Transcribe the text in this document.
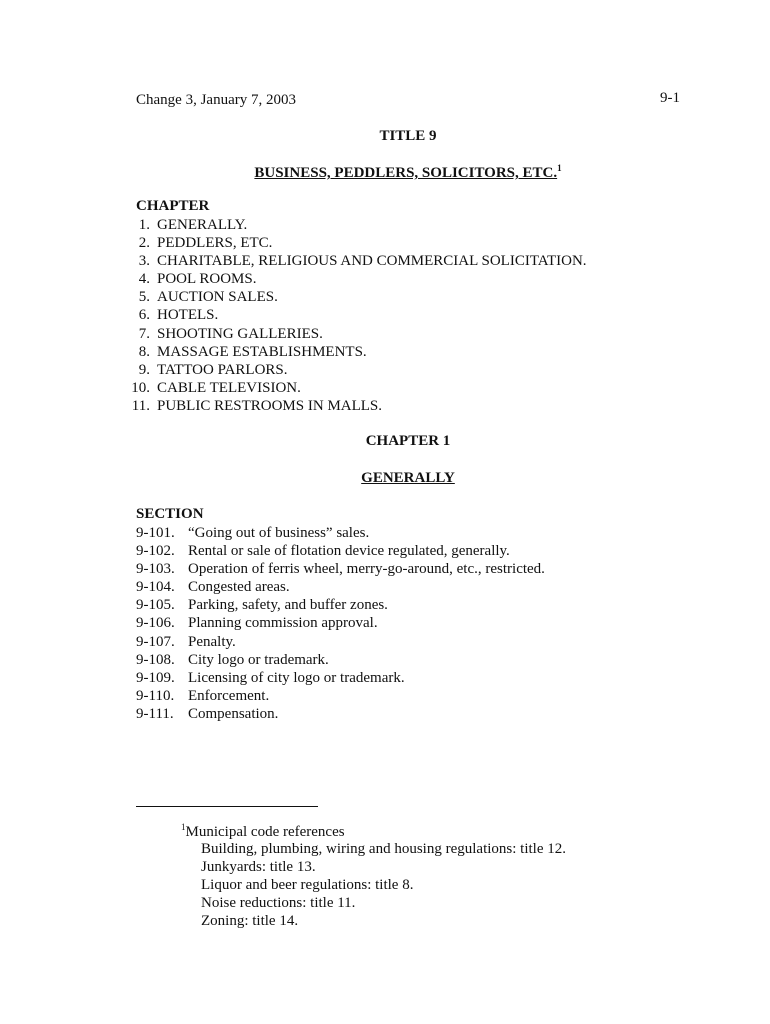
Change 3, January 7, 2003	9-1
TITLE 9
BUSINESS, PEDDLERS, SOLICITORS, ETC.$^1$
CHAPTER
1. GENERALLY.
2. PEDDLERS, ETC.
3. CHARITABLE, RELIGIOUS AND COMMERCIAL SOLICITATION.
4. POOL ROOMS.
5. AUCTION SALES.
6. HOTELS.
7. SHOOTING GALLERIES.
8. MASSAGE ESTABLISHMENTS.
9. TATTOO PARLORS.
10. CABLE TELEVISION.
11. PUBLIC RESTROOMS IN MALLS.
CHAPTER 1
GENERALLY
SECTION
9-101. “Going out of business” sales.
9-102. Rental or sale of flotation device regulated, generally.
9-103. Operation of ferris wheel, merry-go-around, etc., restricted.
9-104. Congested areas.
9-105. Parking, safety, and buffer zones.
9-106. Planning commission approval.
9-107. Penalty.
9-108. City logo or trademark.
9-109. Licensing of city logo or trademark.
9-110. Enforcement.
9-111. Compensation.
$^1$Municipal code references
Building, plumbing, wiring and housing regulations: title 12.
Junkyards: title 13.
Liquor and beer regulations: title 8.
Noise reductions: title 11.
Zoning: title 14.
